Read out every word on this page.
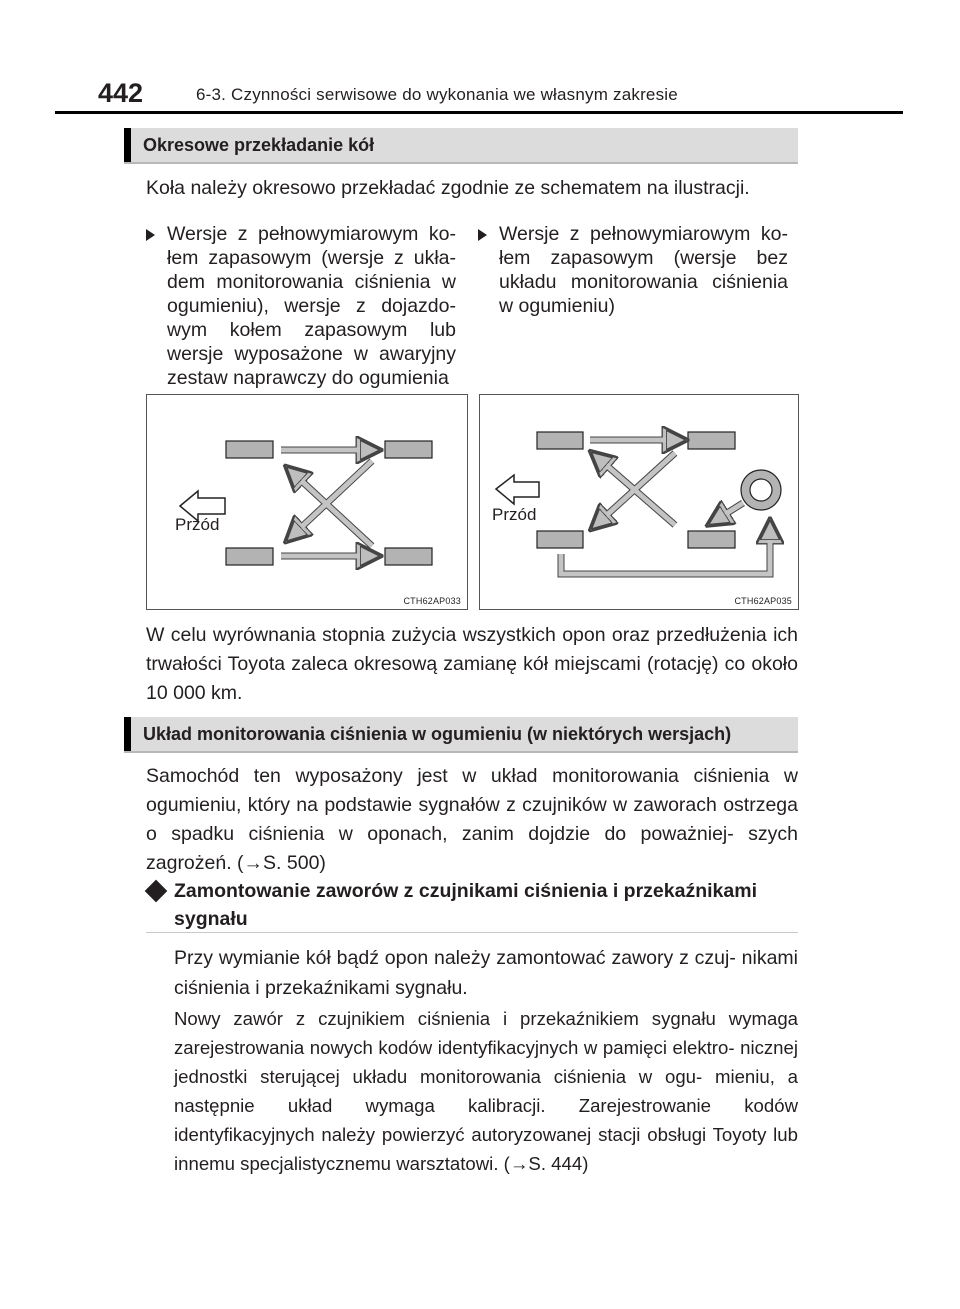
442	6-3. Czynności serwisowe do wykonania we własnym zakresie
Okresowe przekładanie kół

Koła należy okresowo przekładać zgodnie ze schematem na ilustracji.

Wersje z pełnowymiarowym ko- łem zapasowym (wersje z ukła- dem monitorowania ciśnienia w ogumieniu), wersje z dojazdo- wym kołem zapasowym lub wersje wyposażone w awaryjny zestaw naprawczy do ogumienia
Wersje z pełnowymiarowym ko- łem zapasowym (wersje bez układu monitorowania ciśnienia w ogumieniu)
Przód
CTH62AP033
Przód
CTH62AP035

W celu wyrównania stopnia zużycia wszystkich opon oraz przedłużenia ich trwałości Toyota zaleca okresową zamianę kół miejscami (rotację) co około 10 000 km.

Układ monitorowania ciśnienia w ogumieniu (w niektórych wersjach)

Samochód ten wyposażony jest w układ monitorowania ciśnienia w ogumieniu, który na podstawie sygnałów z czujników w zaworach ostrzega o spadku ciśnienia w oponach, zanim dojdzie do poważniej- szych zagrożeń. (→S. 500)

Zamontowanie zaworów z czujnikami ciśnienia i przekaźnikami sygnału

Przy wymianie kół bądź opon należy zamontować zawory z czuj- nikami ciśnienia i przekaźnikami sygnału.

Nowy zawór z czujnikiem ciśnienia i przekaźnikiem sygnału wymaga zarejestrowania nowych kodów identyfikacyjnych w pamięci elektro- nicznej jednostki sterującej układu monitorowania ciśnienia w ogu- mieniu, a następnie układ wymaga kalibracji. Zarejestrowanie kodów identyfikacyjnych należy powierzyć autoryzowanej stacji obsługi Toyoty lub innemu specjalistycznemu warsztatowi. (→S. 444)
